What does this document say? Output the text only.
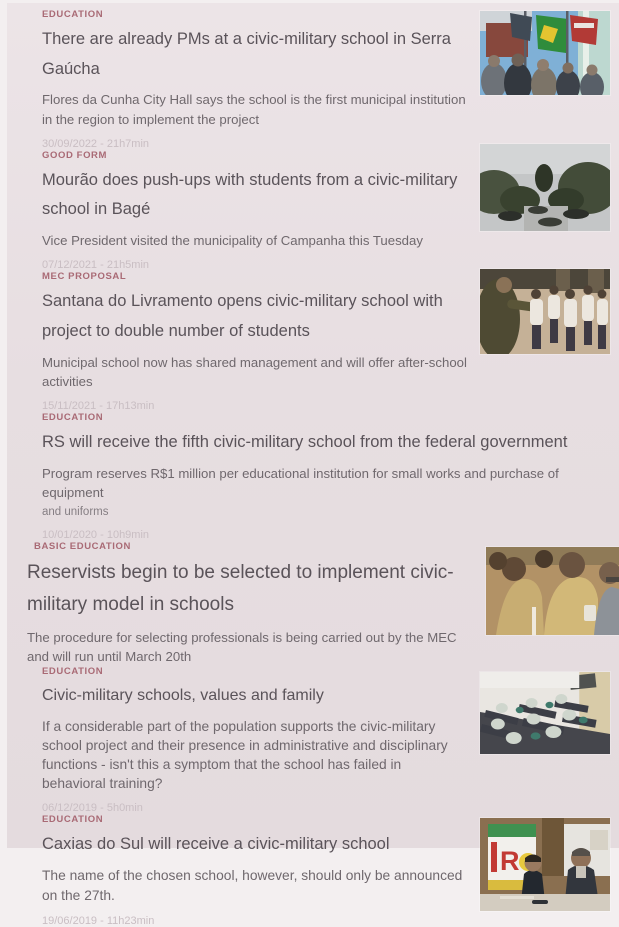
EDUCATION
There are already PMs at a civic-military school in Serra Gaúcha

Flores da Cunha City Hall says the school is the first municipal institution in the region to implement the project

30/09/2022 - 21h7min
GOOD FORM
Mourão does push-ups with students from a civic-military school in Bagé

Vice President visited the municipality of Campanha this Tuesday

07/12/2021 - 21h5min
MEC PROPOSAL
Santana do Livramento opens civic-military school with project to double number of students

Municipal school now has shared management and will offer after-school activities

15/11/2021 - 17h13min
EDUCATION
RS will receive the fifth civic-military school from the federal government

Program reserves R$1 million per educational institution for small works and purchase of equipment

and uniforms
10/01/2020 - 10h9min
BASIC EDUCATION
Reservists begin to be selected to implement civic-military model in schools

The procedure for selecting professionals is being carried out by the MEC and will run until March 20th

EDUCATION
Civic-military schools, values and family

If a considerable part of the population supports the civic-military school project and their presence in administrative and disciplinary functions - isn't this a symptom that the school has failed in behavioral training?

06/12/2019 - 5h0min
EDUCATION
Caxias do Sul will receive a civic-military school

The name of the chosen school, however, should only be announced on the 27th.

19/06/2019 - 11h23min
R
